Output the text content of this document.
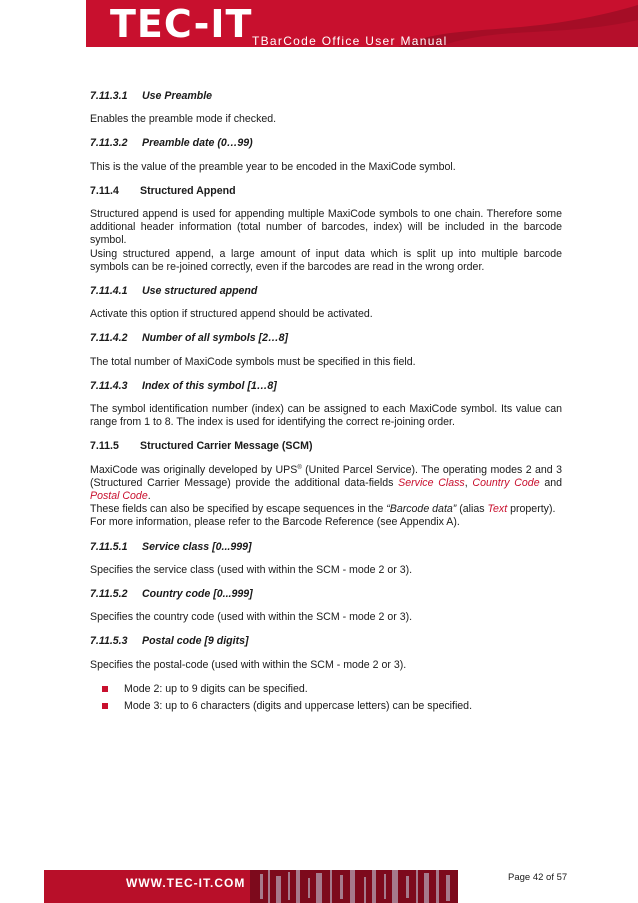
TEC-IT TBarCode Office User Manual
7.11.3.1 Use Preamble

Enables the preamble mode if checked.

7.11.3.2 Preamble date (0…99)

This is the value of the preamble year to be encoded in the MaxiCode symbol.

7.11.4 Structured Append

Structured append is used for appending multiple MaxiCode symbols to one chain. Therefore some additional header information (total number of barcodes, index) will be included in the barcode symbol.
Using structured append, a large amount of input data which is split up into multiple barcode symbols can be re-joined correctly, even if the barcodes are read in the wrong order.

7.11.4.1 Use structured append

Activate this option if structured append should be activated.

7.11.4.2 Number of all symbols [2…8]

The total number of MaxiCode symbols must be specified in this field.

7.11.4.3 Index of this symbol [1…8]

The symbol identification number (index) can be assigned to each MaxiCode symbol. Its value can range from 1 to 8. The index is used for identifying the correct re-joining order.

7.11.5 Structured Carrier Message (SCM)

MaxiCode was originally developed by UPS® (United Parcel Service). The operating modes 2 and 3 (Structured Carrier Message) provide the additional data-fields Service Class, Country Code and Postal Code.
These fields can also be specified by escape sequences in the “Barcode data” (alias Text property).
For more information, please refer to the Barcode Reference (see Appendix A).

7.11.5.1 Service class [0...999]

Specifies the service class (used with within the SCM - mode 2 or 3).

7.11.5.2 Country code [0...999]

Specifies the country code (used with within the SCM - mode 2 or 3).

7.11.5.3 Postal code [9 digits]

Specifies the postal-code (used with within the SCM - mode 2 or 3).

Mode 2: up to 9 digits can be specified.
Mode 3: up to 6 characters (digits and uppercase letters) can be specified.
WWW.TEC-IT.COM	Page 42 of 57
